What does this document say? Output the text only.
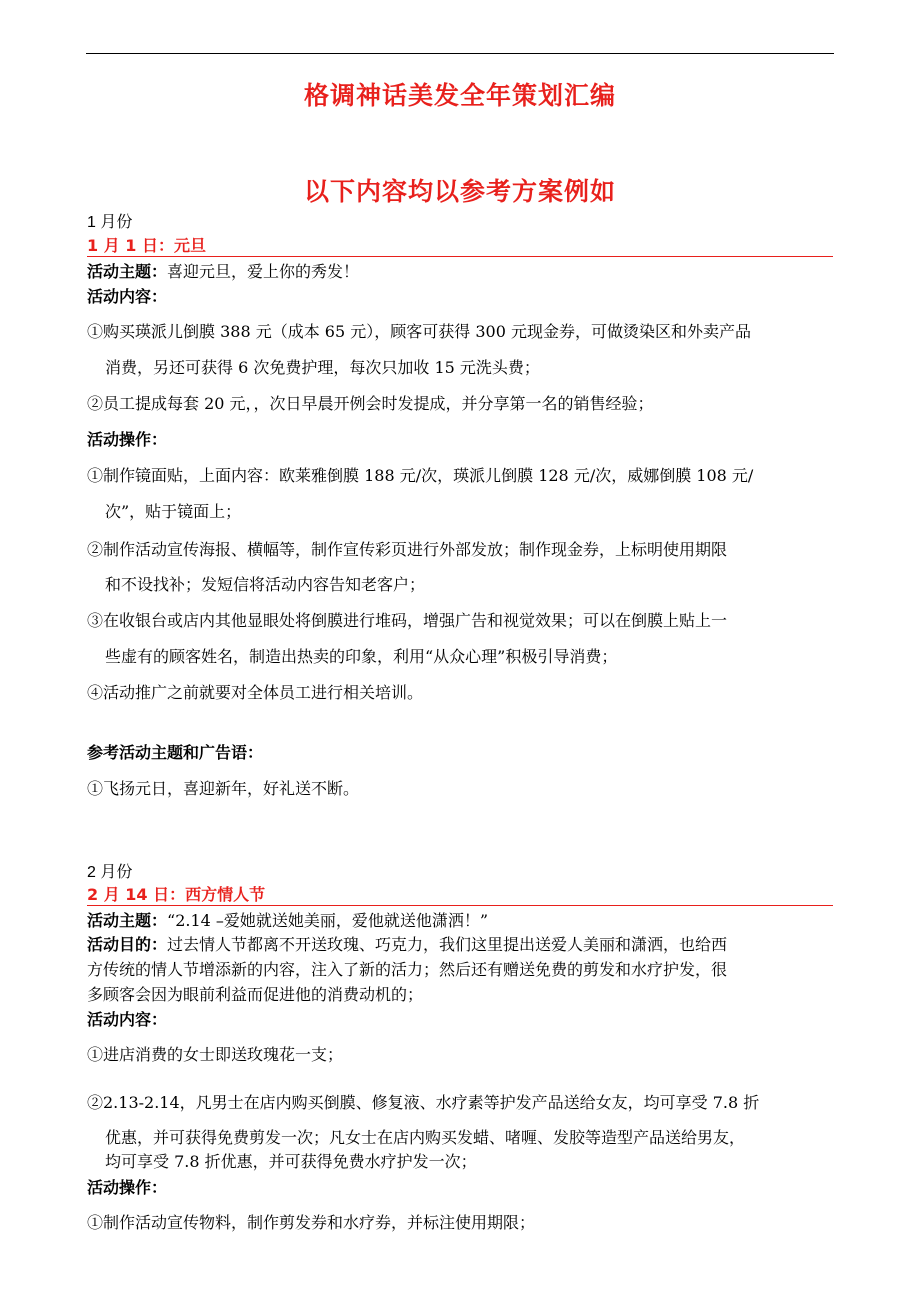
格调神话美发全年策划汇编
以下内容均以参考方案例如
1 月份
1 月 1 日：元旦
活动主题：喜迎元旦，爱上你的秀发！
活动内容：
①购买瑛派儿倒膜 388 元（成本 65 元），顾客可获得 300 元现金券，可做烫染区和外卖产品
消费，另还可获得 6 次免费护理，每次只加收 15 元洗头费；
②员工提成每套 20 元，，次日早晨开例会时发提成，并分享第一名的销售经验；
活动操作：
①制作镜面贴，上面内容：欧莱雅倒膜 188 元/次，瑛派儿倒膜 128 元/次，威娜倒膜 108 元/
次”，贴于镜面上；
②制作活动宣传海报、横幅等，制作宣传彩页进行外部发放；制作现金券，上标明使用期限
和不设找补；发短信将活动内容告知老客户；
③在收银台或店内其他显眼处将倒膜进行堆码，增强广告和视觉效果；可以在倒膜上贴上一
些虚有的顾客姓名，制造出热卖的印象，利用“从众心理”积极引导消费；
④活动推广之前就要对全体员工进行相关培训。
参考活动主题和广告语：
①飞扬元日，喜迎新年，好礼送不断。
2 月份
2 月 14 日：西方情人节
活动主题：“2.14 –爱她就送她美丽，爱他就送他潇洒！”
活动目的：过去情人节都离不开送玫瑰、巧克力，我们这里提出送爱人美丽和潇洒，也给西
方传统的情人节增添新的内容，注入了新的活力；然后还有赠送免费的剪发和水疗护发，很
多顾客会因为眼前利益而促进他的消费动机的；
活动内容：
①进店消费的女士即送玫瑰花一支；
②2.13-2.14，凡男士在店内购买倒膜、修复液、水疗素等护发产品送给女友，均可享受 7.8 折
优惠，并可获得免费剪发一次；凡女士在店内购买发蜡、啫喱、发胶等造型产品送给男友，
均可享受 7.8 折优惠，并可获得免费水疗护发一次；
活动操作：
①制作活动宣传物料，制作剪发券和水疗券，并标注使用期限；
